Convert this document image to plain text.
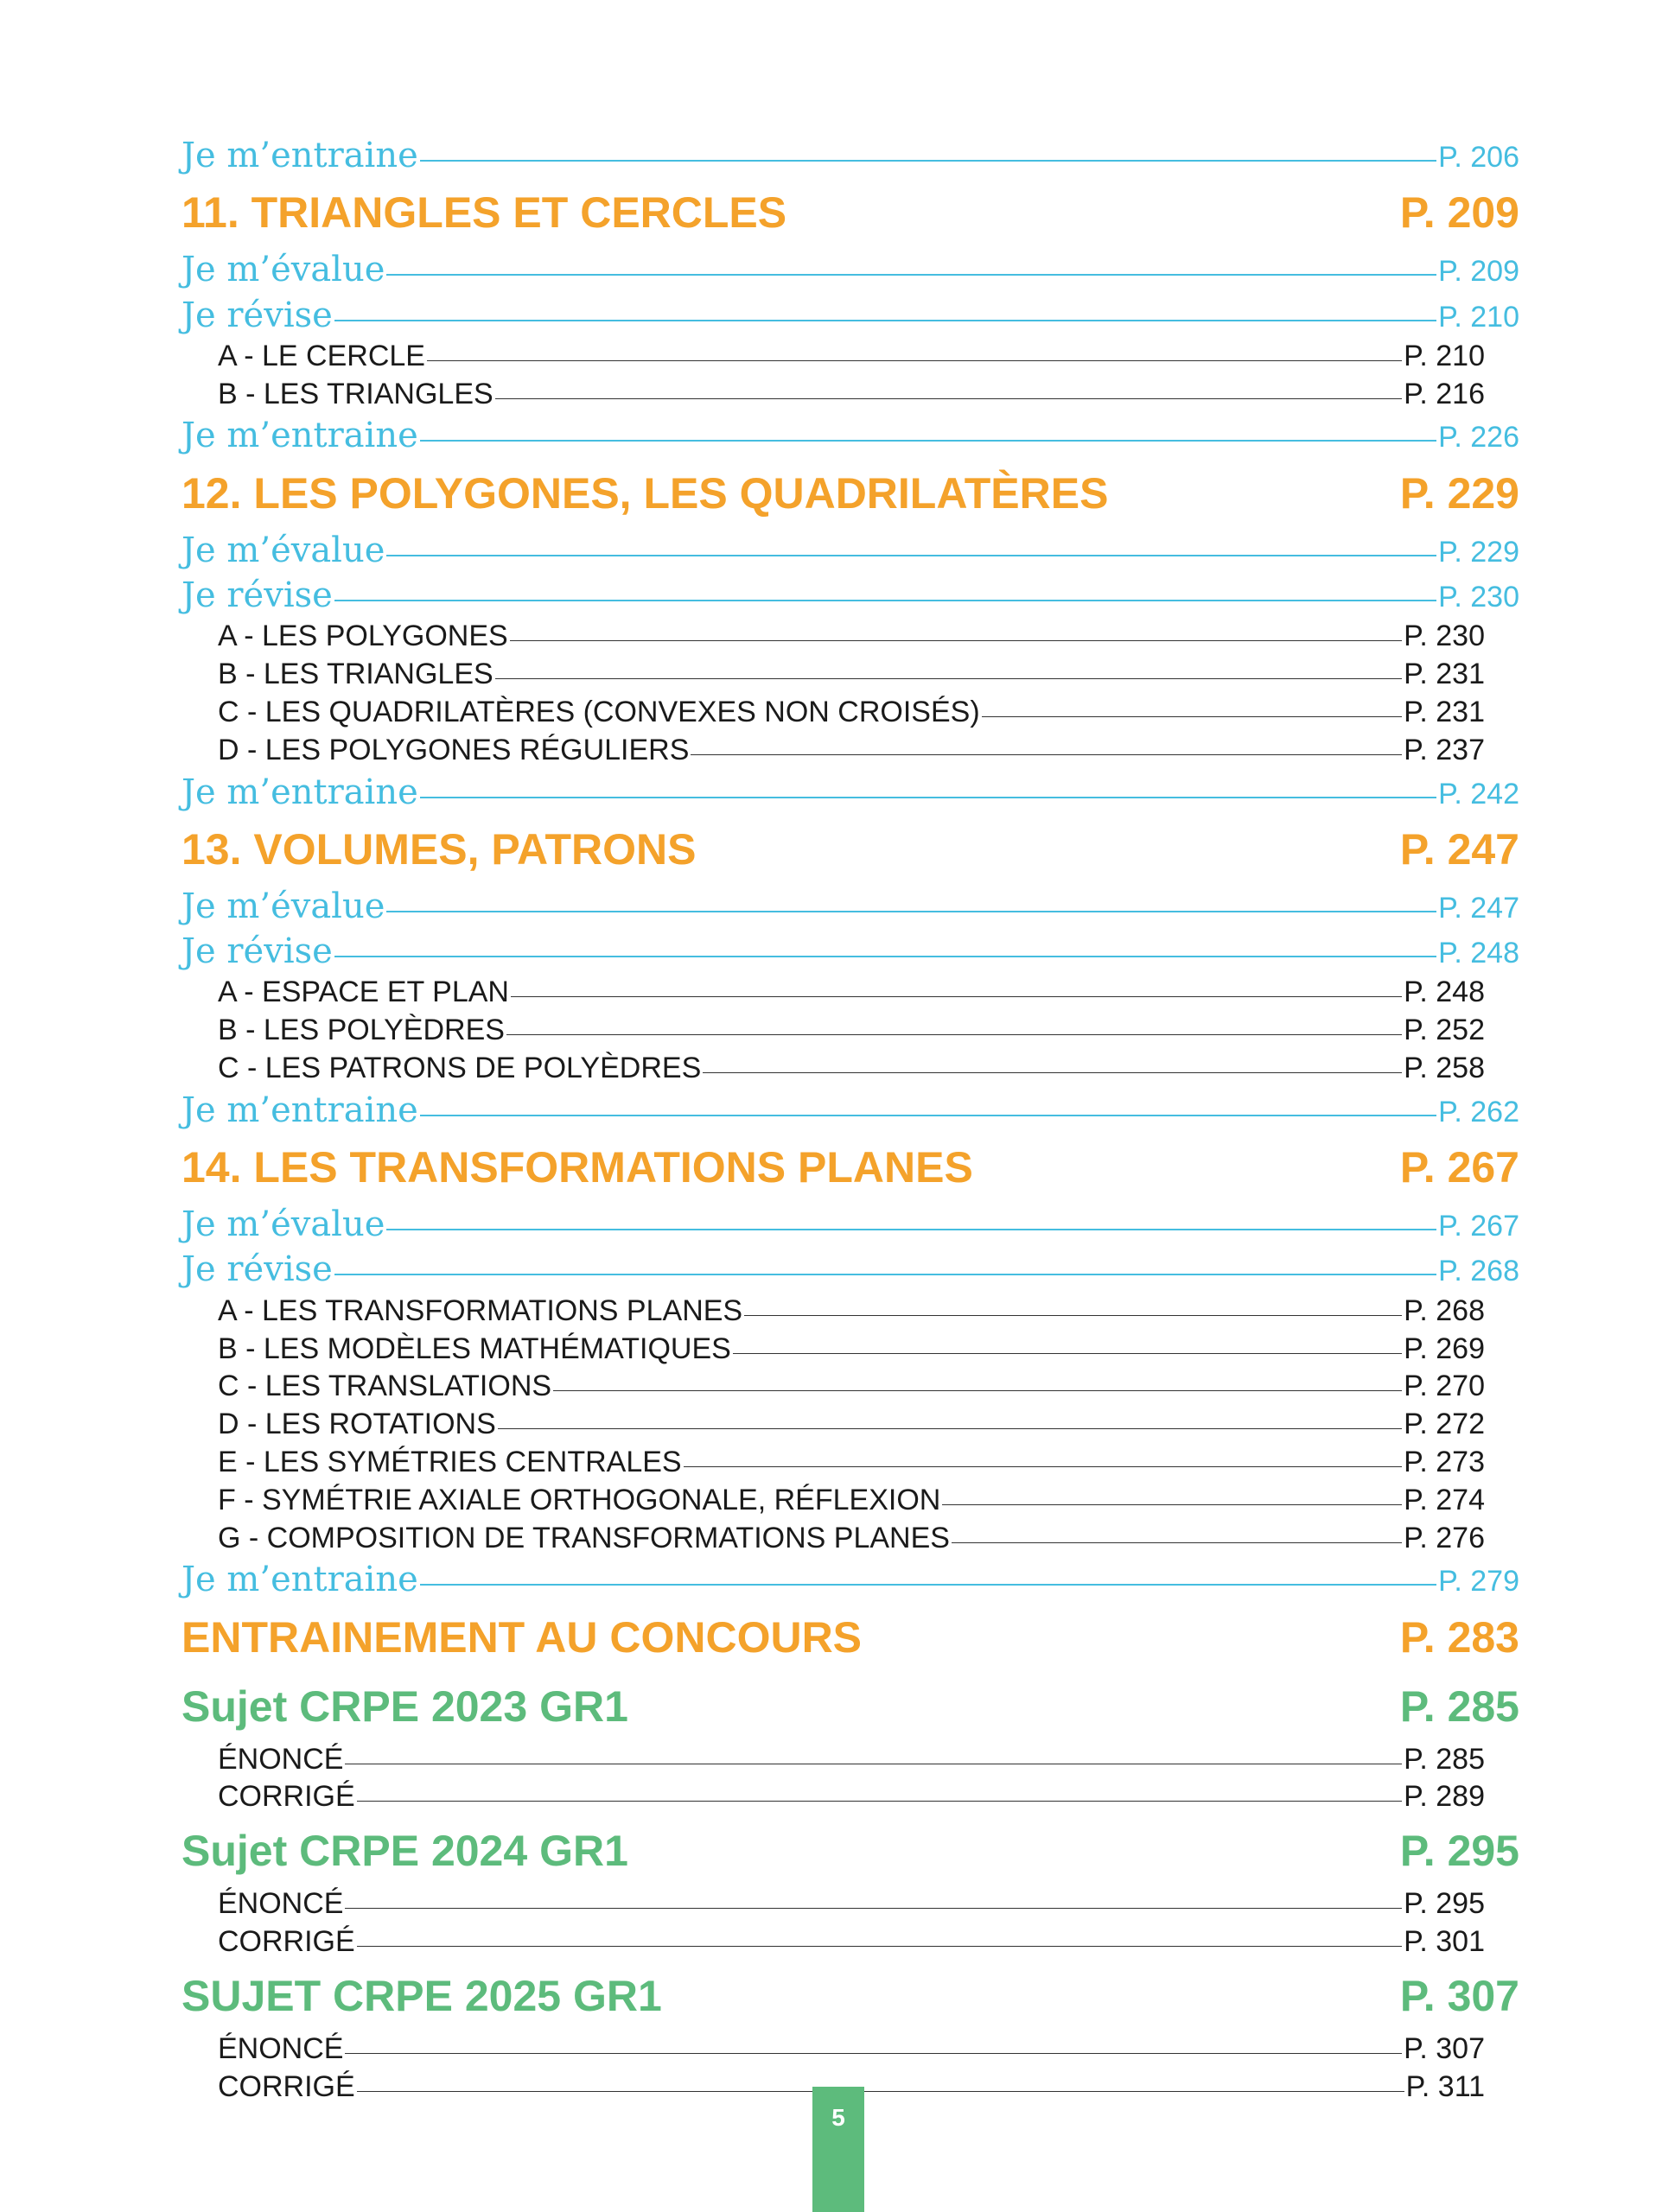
Je m’entraine	P. 206
11. TRIANGLES ET CERCLES	P. 209
Je m’évalue	P. 209
Je révise	P. 210
A - LE CERCLE	P. 210
B - LES TRIANGLES	P. 216
Je m’entraine	P. 226
12. LES POLYGONES, LES QUADRILATÈRES	P. 229
Je m’évalue	P. 229
Je révise	P. 230
A - LES POLYGONES	P. 230
B - LES TRIANGLES	P. 231
C - LES QUADRILATÈRES (CONVEXES NON CROISÉS)	P. 231
D - LES POLYGONES RÉGULIERS	P. 237
Je m’entraine	P. 242
13. VOLUMES, PATRONS	P. 247
Je m’évalue	P. 247
Je révise	P. 248
A - ESPACE ET PLAN	P. 248
B - LES POLYÈDRES	P. 252
C - LES PATRONS DE POLYÈDRES	P. 258
Je m’entraine	P. 262
14. LES TRANSFORMATIONS PLANES	P. 267
Je m’évalue	P. 267
Je révise	P. 268
A - LES TRANSFORMATIONS PLANES	P. 268
B - LES MODÈLES MATHÉMATIQUES	P. 269
C - LES TRANSLATIONS	P. 270
D - LES ROTATIONS	P. 272
E - LES SYMÉTRIES CENTRALES	P. 273
F - SYMÉTRIE AXIALE ORTHOGONALE, RÉFLEXION	P. 274
G - COMPOSITION DE TRANSFORMATIONS PLANES	P. 276
Je m’entraine	P. 279
ENTRAINEMENT AU CONCOURS	P. 283
Sujet CRPE 2023 GR1	P. 285
ÉNONCÉ	P. 285
CORRIGÉ	P. 289
Sujet CRPE 2024 GR1	P. 295
ÉNONCÉ	P. 295
CORRIGÉ	P. 301
SUJET CRPE 2025 GR1	P. 307
ÉNONCÉ	P. 307
CORRIGÉ	P. 311
5
